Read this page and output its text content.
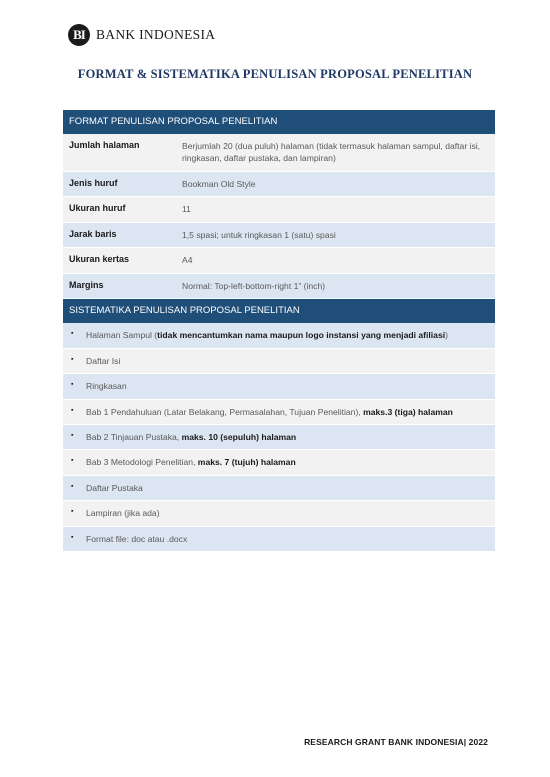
BI BANK INDONESIA
FORMAT & SISTEMATIKA PENULISAN PROPOSAL PENELITIAN
FORMAT PENULISAN PROPOSAL PENELITIAN
Jumlah halaman	Berjumlah 20 (dua puluh) halaman (tidak termasuk halaman sampul, daftar isi, ringkasan, daftar pustaka, dan lampiran)
Jenis huruf	Bookman Old Style
Ukuran huruf	11
Jarak baris	1,5 spasi; untuk ringkasan 1 (satu) spasi
Ukuran kertas	A4
Margins	Normal: Top-left-bottom-right 1” (inch)
SISTEMATIKA PENULISAN PROPOSAL PENELITIAN
▪	Halaman Sampul (tidak mencantumkan nama maupun logo instansi yang menjadi afiliasi)
▪	Daftar Isi
▪	Ringkasan
▪	Bab 1 Pendahuluan (Latar Belakang, Permasalahan, Tujuan Penelitian), maks.3 (tiga) halaman
▪	Bab 2 Tinjauan Pustaka, maks. 10 (sepuluh) halaman
▪	Bab 3 Metodologi Penelitian, maks. 7 (tujuh) halaman
▪	Daftar Pustaka
▪	Lampiran (jika ada)
▪	Format file: doc atau .docx
RESEARCH GRANT BANK INDONESIA| 2022
